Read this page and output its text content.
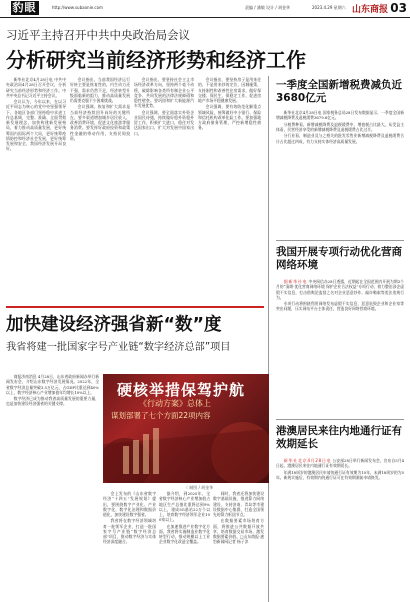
豹眼	http://www.subaonie.com	责编 / 潘敏 设计 / 胡金华	2023.4.29 星期六 山东商报 03
习近平主持召开中共中央政治局会议
分析研究当前经济形势和经济工作

新华社北京4月28日电 中共中央政治局4月28日召开会议，分析研究当前经济形势和经济工作。中共中央总书记习近平主持会议。

会议认为，今年以来，在以习近平同志为核心的党中央坚强领导下，各地区各部门坚持稳中求进工作总基调，完整、准确、全面贯彻新发展理念，加快构建新发展格局，着力推动高质量发展，更好统筹国内国际两个大局，更好统筹疫情防控和经济社会发展，更好统筹发展和安全，我国经济发展开局良好。

会议指出，当前我国经济运行好转主要是恢复性的，内生动力还不强，需求仍然不足，经济转型升级面临新的阻力，推动高质量发展仍需要克服不少困难挑战。

会议强调，恢复和扩大需求是当前经济持续回升向好的关键所在。要多渠道增加城乡居民收入，改善消费环境，促进文化旅游等服务消费。要发挥好政府投资和政策性金融的带动作用，支持民间投资。

会议指出，要坚持社会主义市场经济改革方向，坚持两个毫不动摇，破除影响各类所有制企业公平竞争、共同发展的法律法规障碍和隐性壁垒。要巩固和扩大新能源汽车发展优势。

会议强调，要全面落实外资企业国民待遇，持续做好稳外资稳外贸工作，积极扩大进口，稳住对发达国家出口，扩大对发展中国家出口。

会议指出，要坚持房子是用来住的、不是用来炒的定位，因城施策，支持刚性和改善性住房需求，做好保交楼、保民生、保稳定工作，促进房地产市场平稳健康发展。

会议强调，要有效防范化解重点领域风险，统筹做好中小银行、保险和信托机构改革化险工作。要加强地方政府债务管理，严控新增隐性债务。

一季度全国新增税费减负近3680亿元

新华社北京4月28日电 国家税务总局28日发布数据显示，一季度全国新增减税降费及退税缓费3679.6亿元。

分税费种看，新增减税降费及退税缓费中，增值税占比最大。从受益主体看，民营经济享受的新增减税降费及退税缓费占比过半。

分行业看，制造业及与之相关的批发零售业新增减税降费及退税缓费合计占比超过四成，有力支持实体经济高质量发展。

我国开展专项行动优化营商网络环境

据新华社电 中央网信办28日透露，近期起在全国范围内开展为期3个月的“清朗·优化营商网络环境 保护企业合法权益”专项行动，着力整治涉企虚假不实信息，打击借舆论监督之名对企业恶意炒作、敲诈勒索等违法违规行为。

专项行动将围绕利用网络发布虚假不实信息、恶意诋毁企业和企业家等突出问题，压实网站平台主体责任，营造良好网络营商环境。

港澳居民来往内地通行证有效期延长

新华社北京4月28日电 公安部28日举行新闻发布会，宣布自5月4日起，港澳居民来往内地通行证有效期延长。

年满18周岁的港澳居民申请的通行证有效期为10年，未满18周岁的为5年。新规实施后，有效期内的通行证可在有效期满前申请换发。

加快建设经济强省新“数”度
我省将建一批国家字号产业链“数字经济总部”项目

商报济南消息 4月28日，山东省政府新闻办举行新闻发布会，介绍山东数字经济发展情况。2022年，全省数字经济总量突破3.5万亿元，占GDP比重达到40%以上，数字经济核心产业增加值年均增长10%以上。

数字经济已成为推动我省高质量发展的重要力量，也是加快建设经济强省的关键支撑。

硬核举措保驾护航
《行动方案》总体上
谋划部署了七个方面22项内容
（ 制图 / 胡金华

会上发布的《山东省数字经济“十四五”发展规划》提出，要围绕数字产业化、产业数字化、数字化治理和数据价值化，加快建设数字强省。

我省将在数字经济领域培育一批领军企业，打造一批国家字号产业链“数字经济总部”项目，推动数字经济与实体经济深度融合。

据介绍，到2025年，全省数字经济核心产业增加值占地区生产总值比重将达到9%以上，建成5G基站22万个以上，培育数字经济领军企业100家以上。

在加速推进产业数字化方面，我省将实施制造业数字化转型行动，推动规模以上工业企业数字化改造全覆盖。

同时，我省还将加快建设数字基础设施，推进算力网络建设，支持济南、青岛等市建设数据中心集群，打造全国领先的算力枢纽节点。

在数据要素市场培育方面，将推进公共数据开放共享，培育数据交易市场，激发数据要素价值。□山东商报·速豹新闻网记者 杨子淳
